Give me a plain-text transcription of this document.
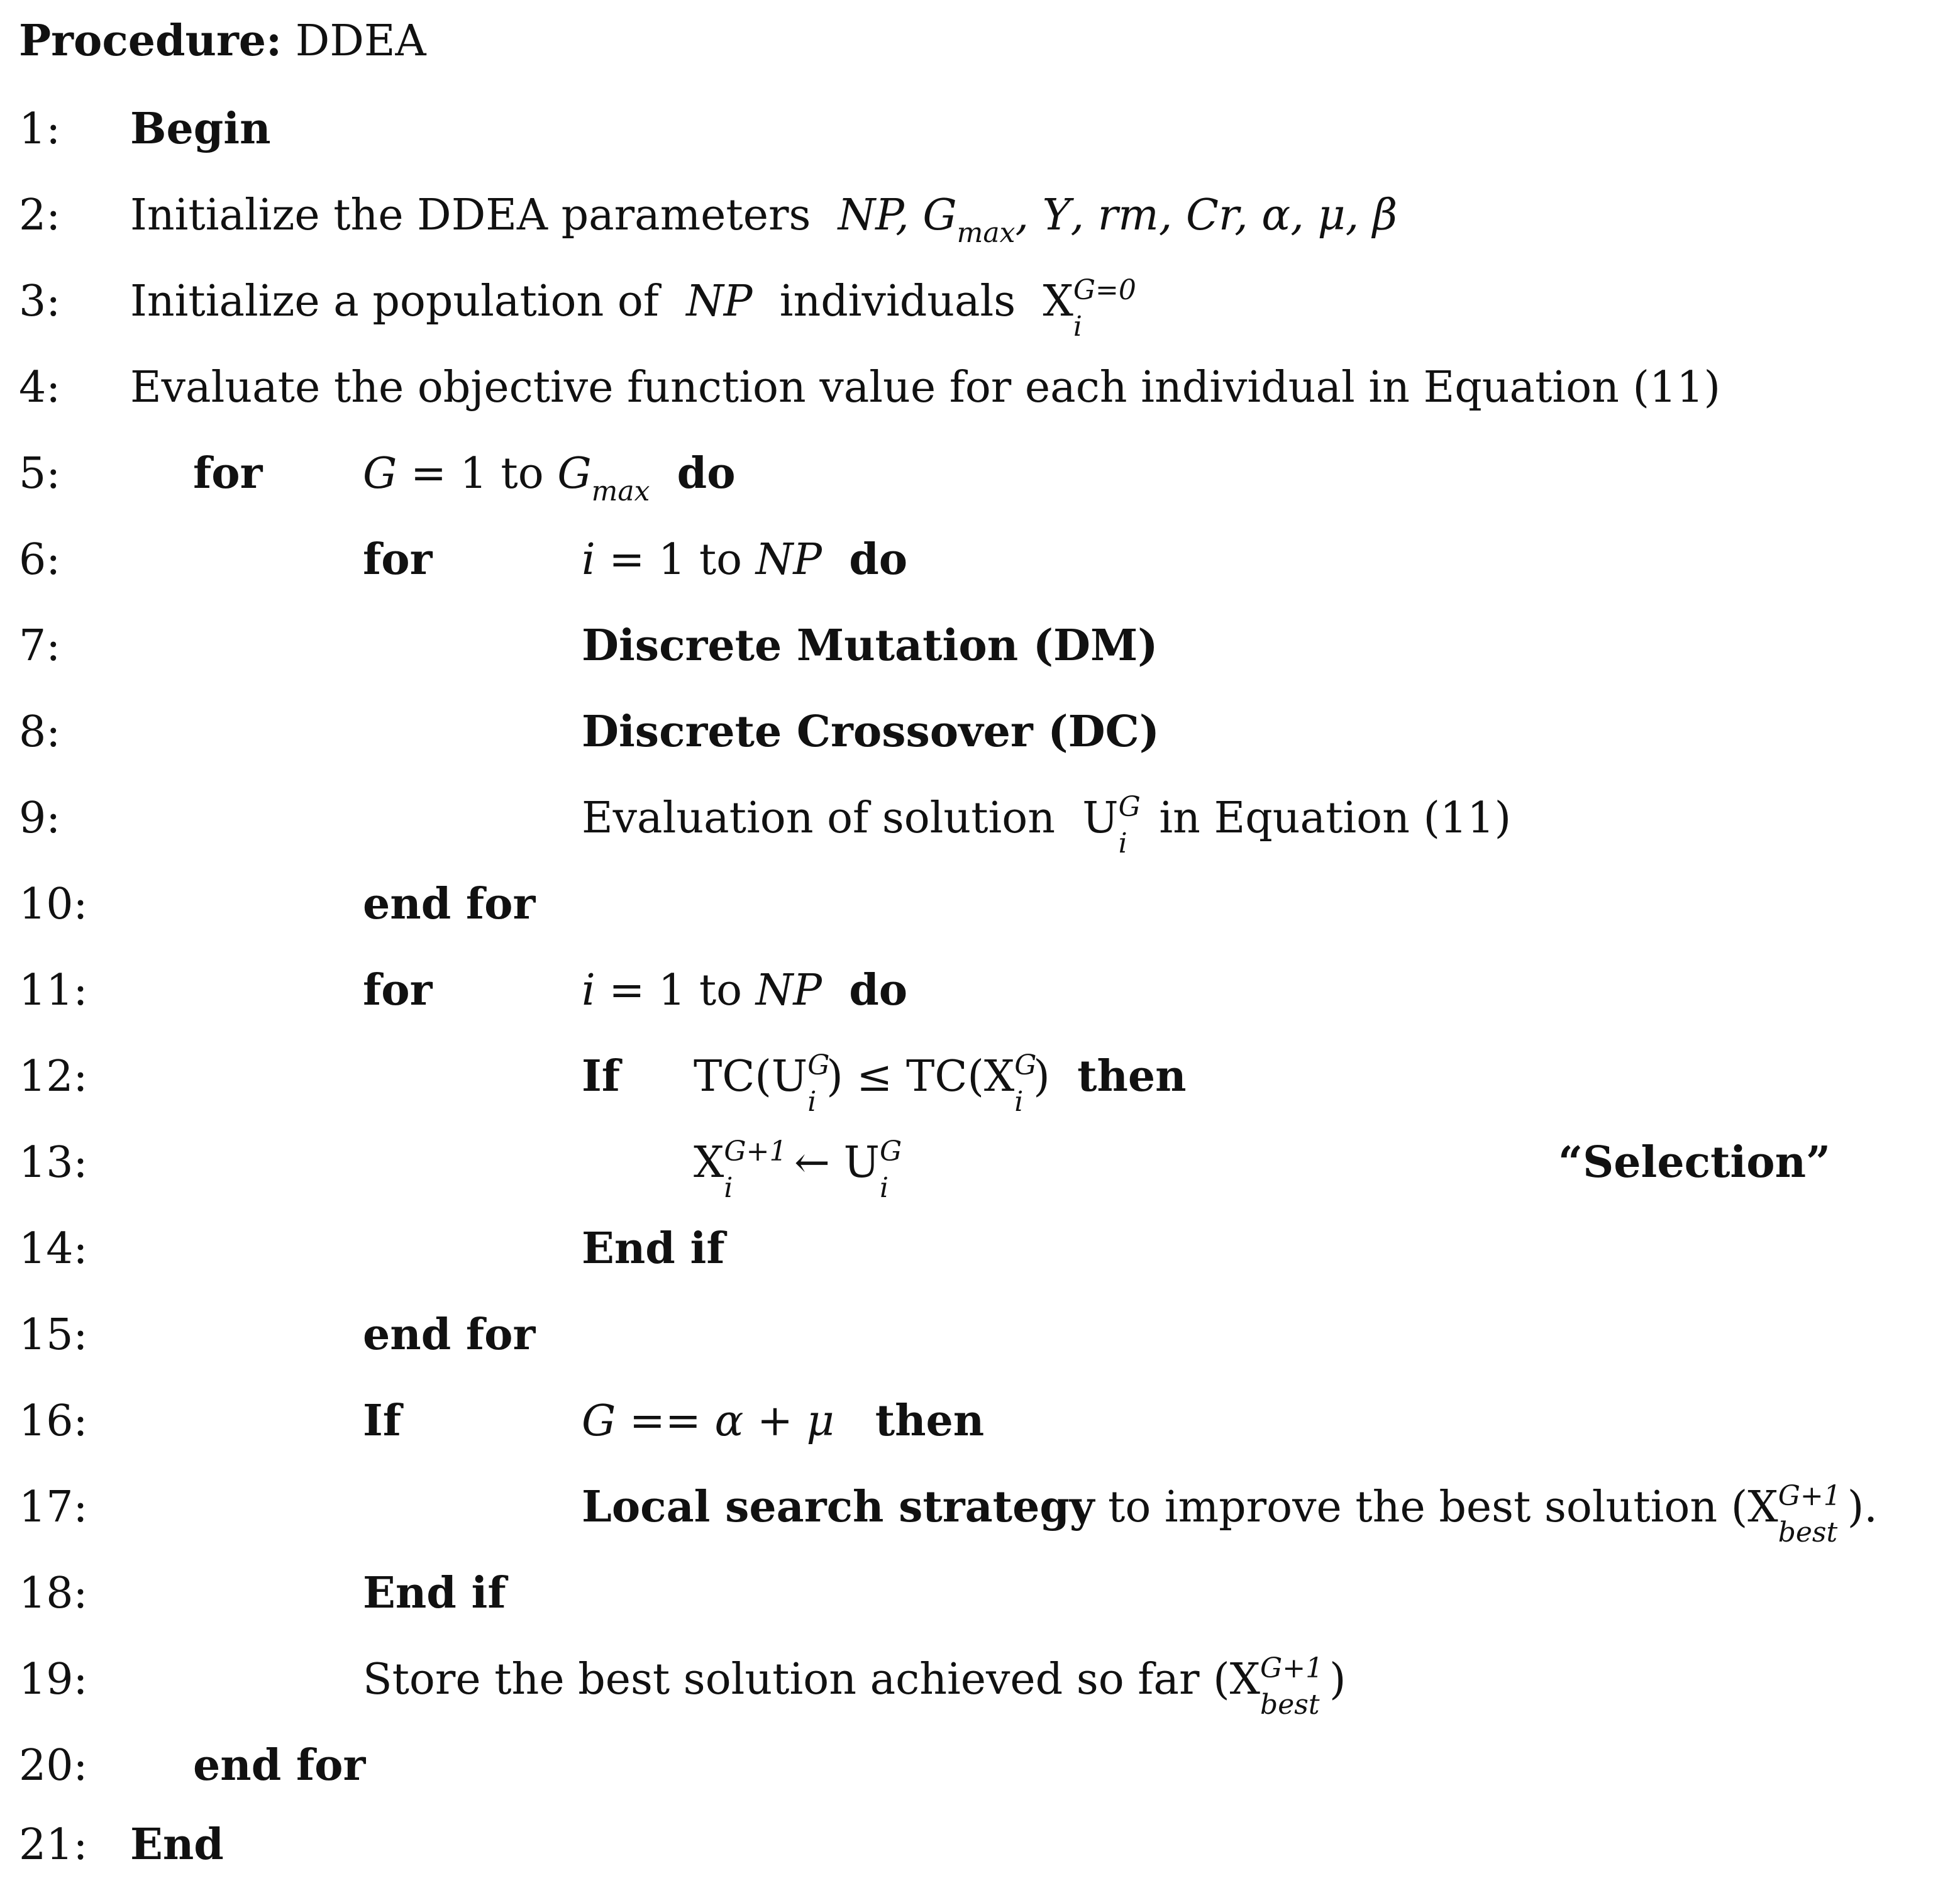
Procedure: DDEA
1: Begin
2: Initialize the DDEA parameters NP, $G_{max}$, Υ, rm, Cr, α, μ, β
3: Initialize a population of NP individuals X G=0
i
4: Evaluate the objective function value for each individual in Equation (11)
5:	for G = 1 to $G_{max}$ do
6:	for	i = 1 to NP do
7:	Discrete Mutation (DM)
8:	Discrete Crossover (DC)
9:	Evaluation of solution U G
i
in Equation (11)
10:	end for
11:	for	i = 1 to NP do
12:	If TC(U G
i
) ≤ TC(X G
i
) then
13:	X G+1
i
← U G
i
“Selection”
14:	End if
15:	end for
16:	If	G == α + μ then
17:	Local search strategy to improve the best solution (X G+1
best
).
18:	End if
19:	Store the best solution achieved so far (X G+1
best
)
20: end for
21: End
